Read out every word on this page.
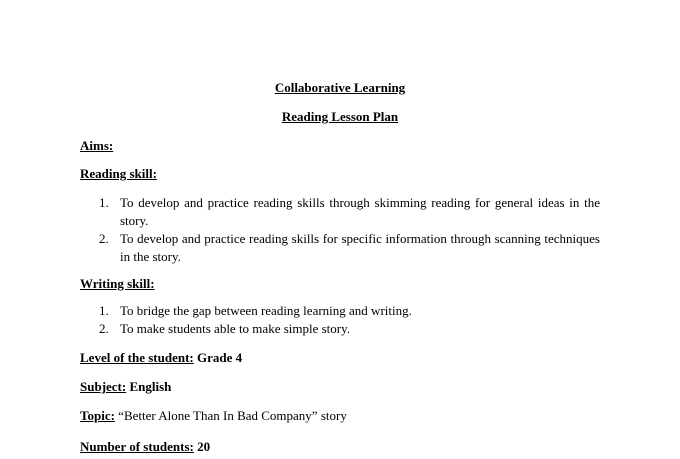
Collaborative Learning
Reading Lesson Plan
Aims:
Reading skill:
1. To develop and practice reading skills through skimming reading for general ideas in the story.
2. To develop and practice reading skills for specific information through scanning techniques in the story.
Writing skill:
1. To bridge the gap between reading learning and writing.
2. To make students able to make simple story.
Level of the student: Grade 4
Subject: English
Topic: “Better Alone Than In Bad Company” story
Number of students: 20
